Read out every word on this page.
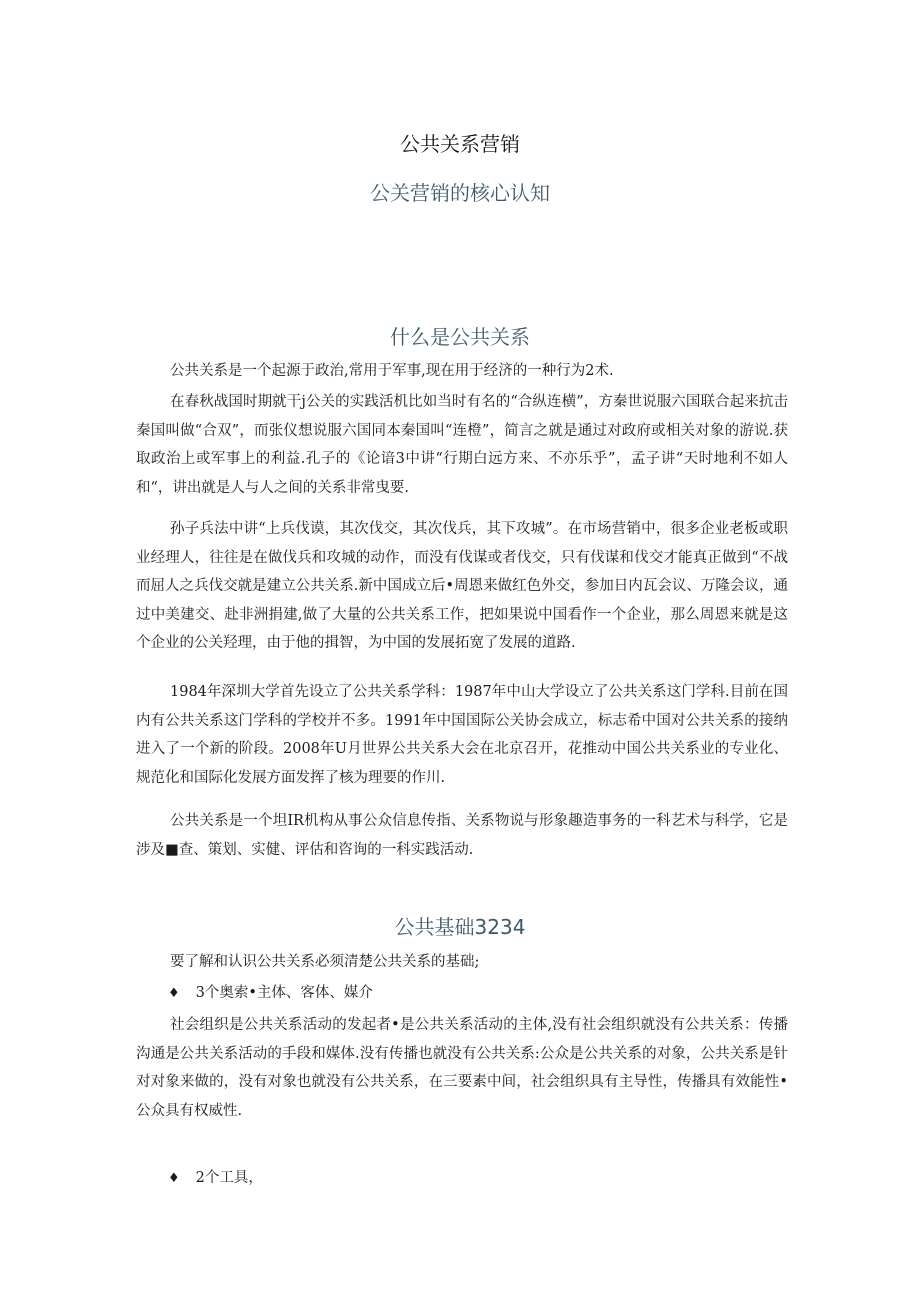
公共关系营销
公关营销的核心认知
什么是公共关系

公共关系是一个起源于政治,常用于军事,现在用于经济的一种行为2术.

在春秋战国时期就干j公关的实践活机比如当时有名的“合纵连横”，方秦世说服六国联合起来抗击秦国叫做“合双”，而张仪想说服六国同本秦国叫“连橙”，简言之就是通过对政府或相关对象的游说.获取政治上或军事上的利益.孔子的《论谙3中讲“行期白远方来、不亦乐乎”，孟子讲“天时地利不如人和“，讲出就是人与人之间的关系非常曳要.

孙子兵法中讲“上兵伐谟，其次伐交，其次伐兵，其下攻城”。在市场营销中，很多企业老板或职业经理人，往往是在做伐兵和攻城的动作，而没有伐谋或者伐交，只有伐谋和伐交才能真正做到“不战而屈人之兵伐交就是建立公共关系.新中国成立后•周恩来做红色外交，参加日内瓦会议、万隆会议，通过中美建交、赴非洲捐建,做了大量的公共关系工作，把如果说中国看作一个企业，那么周恩来就是这个企业的公关羟理，由于他的揖智，为中国的发展拓宽了发展的道路.

1984年深圳大学首先设立了公共关系学科：1987年中山大学设立了公共关系这门学科.目前在国内有公共关系这门学科的学校并不多。1991年中国国际公关协会成立，标志希中国对公共关系的接纳进入了一个新的阶段。2008年U月世界公共关系大会在北京召开，花推动中国公共关系业的专业化、规范化和国际化发展方面发挥了核为理要的作川.

公共关系是一个坦IR机构从事公众信息传指、关系物说与形象趣造事务的一科艺术与科学，它是涉及■查、策划、实健、评估和咨询的一科实践活动.

公共基础3234

要了解和认识公共关系必须清楚公共关系的基础;

♦ 3个奥索•主体、客体、媒介

社会组织是公共关系活动的发起者•是公共关系活动的主体,没有社会组织就没有公共关系：传播沟通是公共关系活动的手段和媒体.没有传播也就没有公共关系:公众是公共关系的对象，公共关系是针对对象来做的，没有对象也就没有公共关系，在三要素中间，社会组织具有主导性，传播具有效能性•公众具有权威性.

♦ 2个工具，
